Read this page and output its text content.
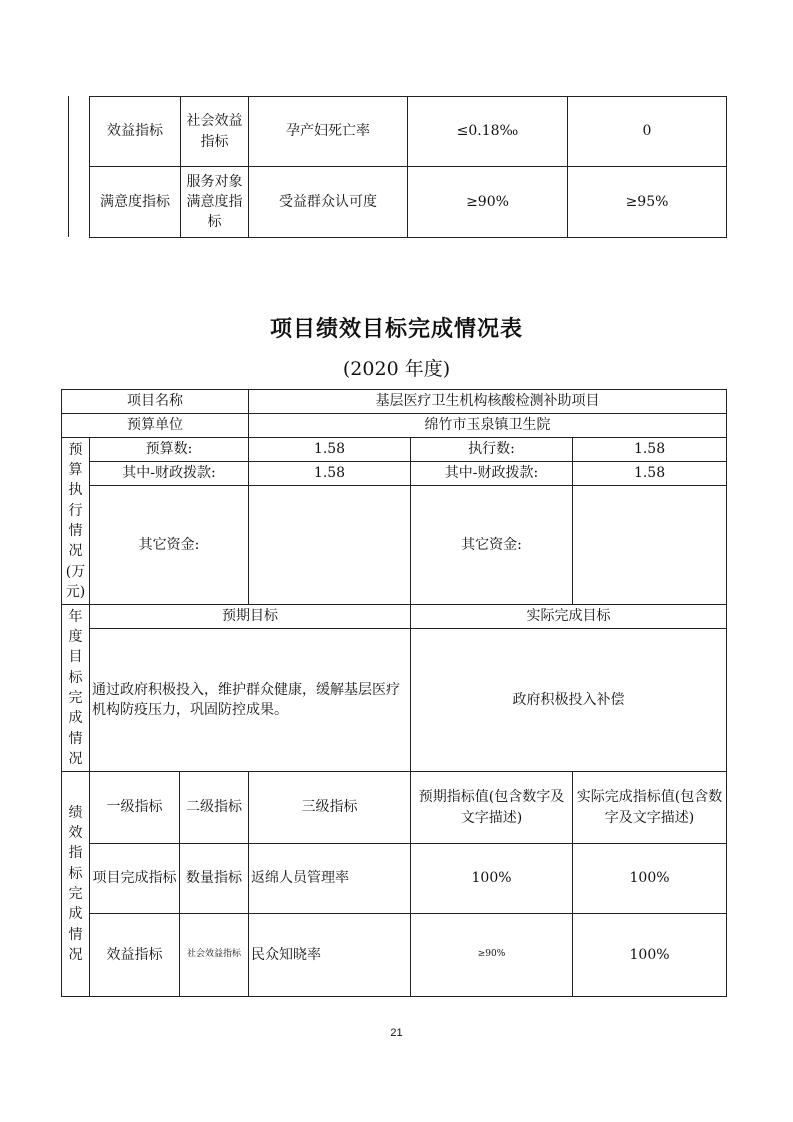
效益指标	社会效益指标	孕产妇死亡率	≤0.18‰	0
满意度指标	服务对象满意度指标	受益群众认可度	≥90%	≥95%
项目绩效目标完成情况表
(2020 年度)
项目名称			基层医疗卫生机构核酸检测补助项目		
预算单位			绵竹市玉泉镇卫生院		
预算执行情况(万元)	预算数:		1.58	执行数:	1.58
	其中-财政拨款:		1.58	其中-财政拨款:	1.58
	其它资金:			其它资金:	
年度目标完成情况	预期目标			实际完成目标	
	通过政府积极投入，维护群众健康，缓解基层医疗机构防疫压力，巩固防控成果。			政府积极投入补偿	
绩效指标完成情况	一级指标	二级指标	三级指标	预期指标值(包含数字及文字描述)	实际完成指标值(包含数字及文字描述)
	项目完成指标	数量指标	返绵人员管理率	100%	100%
	效益指标	社会效益指标	民众知晓率	≥90%	100%
21
